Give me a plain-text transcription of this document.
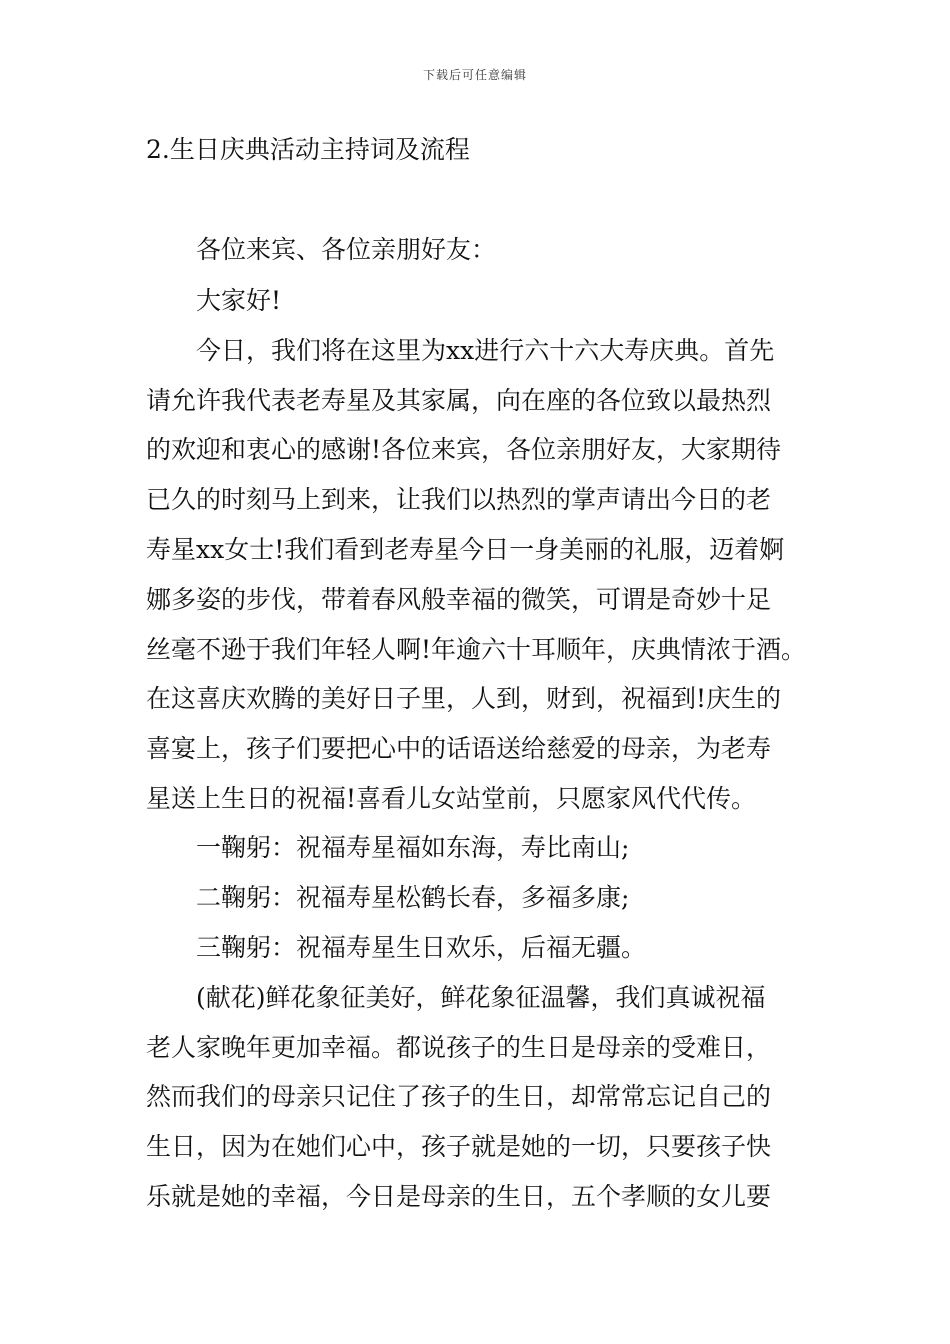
下载后可任意编辑
2.生日庆典活动主持词及流程
各位来宾、各位亲朋好友：
大家好!
今日，我们将在这里为xx进行六十六大寿庆典。首先
请允许我代表老寿星及其家属，向在座的各位致以最热烈
的欢迎和衷心的感谢!各位来宾，各位亲朋好友，大家期待
已久的时刻马上到来，让我们以热烈的掌声请出今日的老
寿星xx女士!我们看到老寿星今日一身美丽的礼服，迈着婀
娜多姿的步伐，带着春风般幸福的微笑，可谓是奇妙十足
丝毫不逊于我们年轻人啊!年逾六十耳顺年，庆典情浓于酒。
在这喜庆欢腾的美好日子里，人到，财到，祝福到!庆生的
喜宴上，孩子们要把心中的话语送给慈爱的母亲，为老寿
星送上生日的祝福!喜看儿女站堂前，只愿家风代代传。
一鞠躬：祝福寿星福如东海，寿比南山;
二鞠躬：祝福寿星松鹤长春，多福多康;
三鞠躬：祝福寿星生日欢乐，后福无疆。
(献花)鲜花象征美好，鲜花象征温馨，我们真诚祝福
老人家晚年更加幸福。都说孩子的生日是母亲的受难日，
然而我们的母亲只记住了孩子的生日，却常常忘记自己的
生日，因为在她们心中，孩子就是她的一切，只要孩子快
乐就是她的幸福，今日是母亲的生日，五个孝顺的女儿要
